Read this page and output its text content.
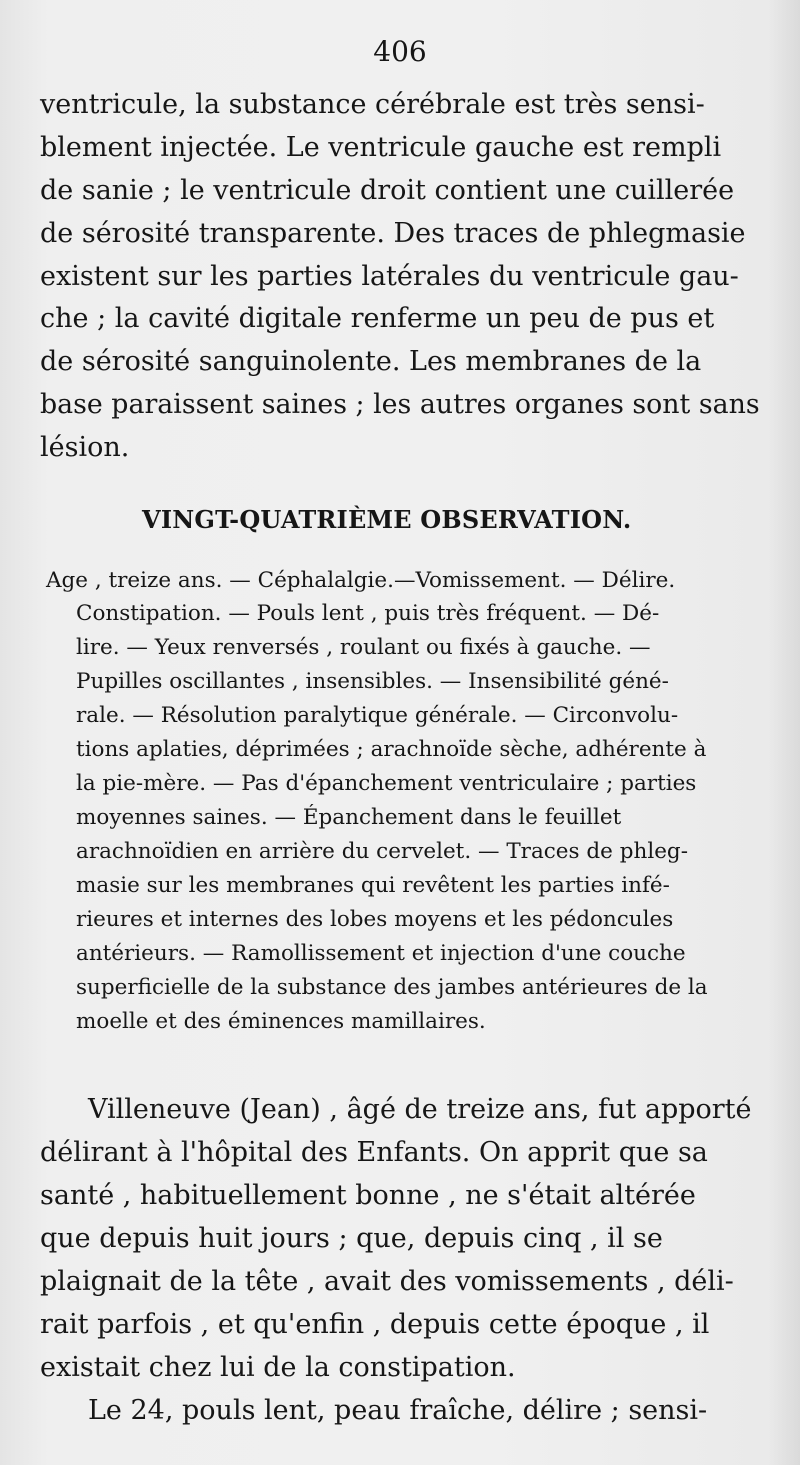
406
ventricule, la substance cérébrale est très sensi-
blement injectée. Le ventricule gauche est rempli
de sanie ; le ventricule droit contient une cuillerée
de sérosité transparente. Des traces de phlegmasie
existent sur les parties latérales du ventricule gau-
che ; la cavité digitale renferme un peu de pus et
de sérosité sanguinolente. Les membranes de la
base paraissent saines ; les autres organes sont sans
lésion.
VINGT-QUATRIÈME OBSERVATION.
Age , treize ans. — Céphalalgie.—Vomissement. — Délire.
Constipation. — Pouls lent , puis très fréquent. — Dé-
lire. — Yeux renversés , roulant ou fixés à gauche. —
Pupilles oscillantes , insensibles. — Insensibilité géné-
rale. — Résolution paralytique générale. — Circonvolu-
tions aplaties, déprimées ; arachnoïde sèche, adhérente à
la pie-mère. — Pas d'épanchement ventriculaire ; parties
moyennes saines. — Épanchement dans le feuillet
arachnoïdien en arrière du cervelet. — Traces de phleg-
masie sur les membranes qui revêtent les parties infé-
rieures et internes des lobes moyens et les pédoncules
antérieurs. — Ramollissement et injection d'une couche
superficielle de la substance des jambes antérieures de la
moelle et des éminences mamillaires.
Villeneuve (Jean) , âgé de treize ans, fut apporté
délirant à l'hôpital des Enfants. On apprit que sa
santé , habituellement bonne , ne s'était altérée
que depuis huit jours ; que, depuis cinq , il se
plaignait de la tête , avait des vomissements , déli-
rait parfois , et qu'enfin , depuis cette époque , il
existait chez lui de la constipation.
Le 24, pouls lent, peau fraîche, délire ; sensi-
